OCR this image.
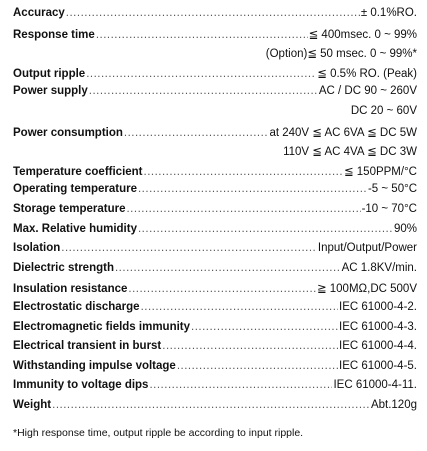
Accuracy .....	± 0.1%RO.
Response time .....	≦ 400msec. 0 ~ 99%
(Option)≦ 50 msec. 0 ~ 99%*
Output ripple .....	≦ 0.5% RO. (Peak)
Power supply .....	AC / DC 90 ~ 260V
DC 20 ~ 60V
Power consumption .....	at 240V ≦ AC 6VA ≦ DC 5W
110V ≦ AC 4VA ≦ DC 3W
Temperature coefficient .....	≦ 150PPM/°C
Operating temperature .....	-5 ~ 50°C
Storage temperature .....	-10 ~ 70°C
Max. Relative humidity .....	90%
Isolation .....	Input/Output/Power
Dielectric strength .....	AC 1.8KV/min.
Insulation resistance .....	≧ 100MΩ,DC 500V
Electrostatic discharge .....	IEC 61000-4-2.
Electromagnetic fields immunity .....	IEC 61000-4-3.
Electrical transient in burst .....	IEC 61000-4-4.
Withstanding impulse voltage .....	IEC 61000-4-5.
Immunity to voltage dips .....	IEC 61000-4-11.
Weight .....	Abt.120g
*High response time, output ripple be according to input ripple.
